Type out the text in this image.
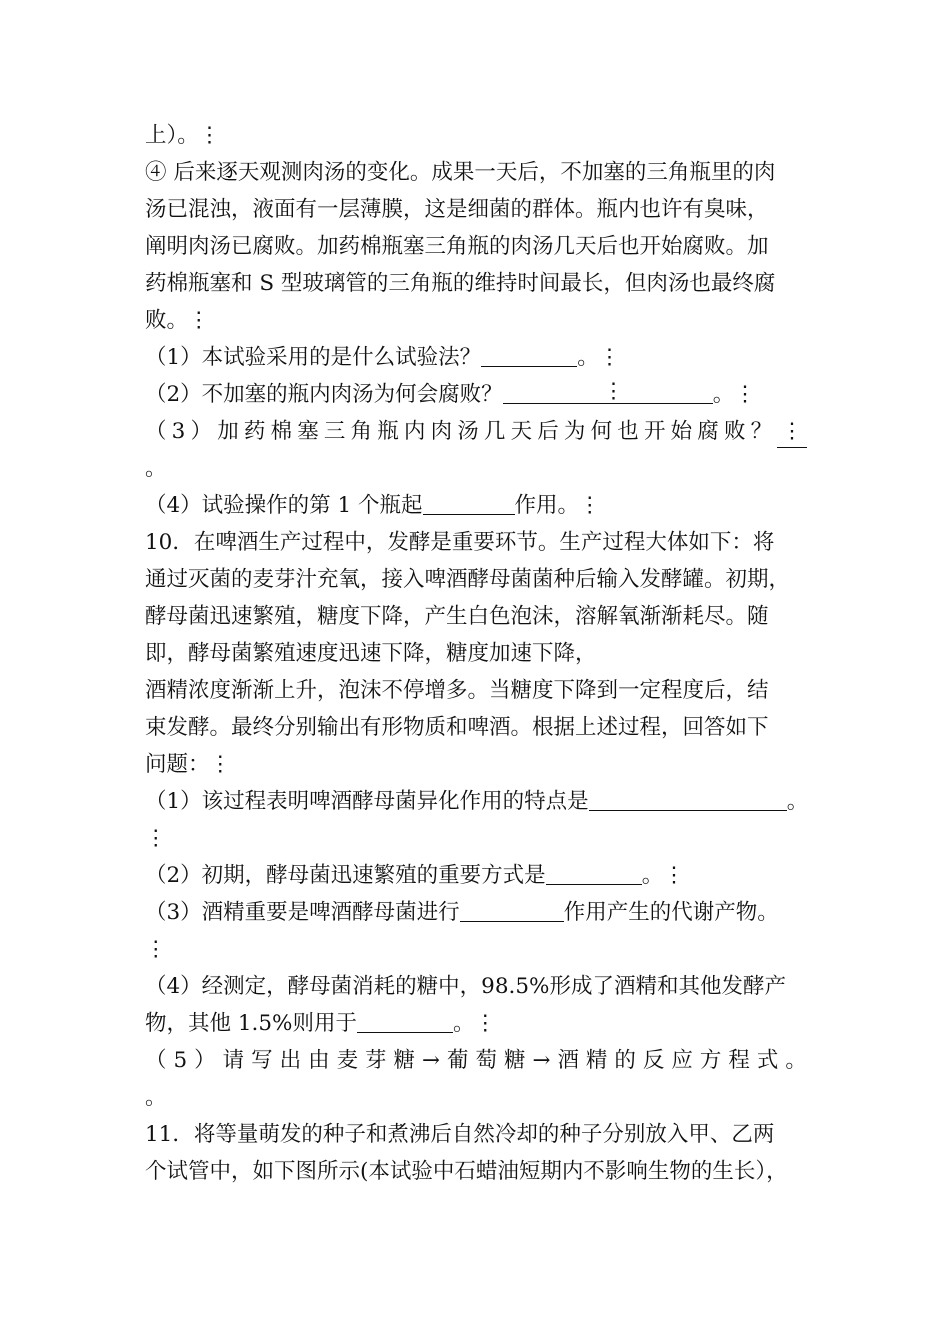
上）。⋮
④ 后来逐天观测肉汤的变化。成果一天后，不加塞的三角瓶里的肉
汤已混浊，液面有一层薄膜，这是细菌的群体。瓶内也许有臭味，
阐明肉汤已腐败。加药棉瓶塞三角瓶的肉汤几天后也开始腐败。加
药棉瓶塞和 S 型玻璃管的三角瓶的维持时间最长，但肉汤也最终腐
败。⋮
（1）本试验采用的是什么试验法？	。⋮
（2）不加塞的瓶内肉汤为何会腐败？	⋮	。⋮
（ 3 ） 加 药 棉 塞 三 角 瓶 内 肉 汤 几 天 后 为 何 也 开 始 腐 败 ？ ⋮
。
（4）试验操作的第 1 个瓶起	作用。⋮
10．在啤酒生产过程中，发酵是重要环节。生产过程大体如下：将
通过灭菌的麦芽汁充氧，接入啤酒酵母菌菌种后输入发酵罐。初期，
酵母菌迅速繁殖，糖度下降，产生白色泡沫，溶解氧渐渐耗尽。随
即，酵母菌繁殖速度迅速下降，糖度加速下降，
酒精浓度渐渐上升，泡沫不停增多。当糖度下降到一定程度后，结
束发酵。最终分别输出有形物质和啤酒。根据上述过程，回答如下
问题：⋮
（1）该过程表明啤酒酵母菌异化作用的特点是	。
⋮
（2）初期，酵母菌迅速繁殖的重要方式是	。⋮
（3）酒精重要是啤酒酵母菌进行	作用产生的代谢产物。
⋮
（4）经测定，酵母菌消耗的糖中，98.5%形成了酒精和其他发酵产
物，其他 1.5%则用于	。⋮
（ 5 ） 请 写 出 由 麦 芽 糖 → 葡 萄 糖 → 酒 精 的 反 应 方 程 式 。
。
11．将等量萌发的种子和煮沸后自然冷却的种子分别放入甲、乙两
个试管中，如下图所示(本试验中石蜡油短期内不影响生物的生长），
